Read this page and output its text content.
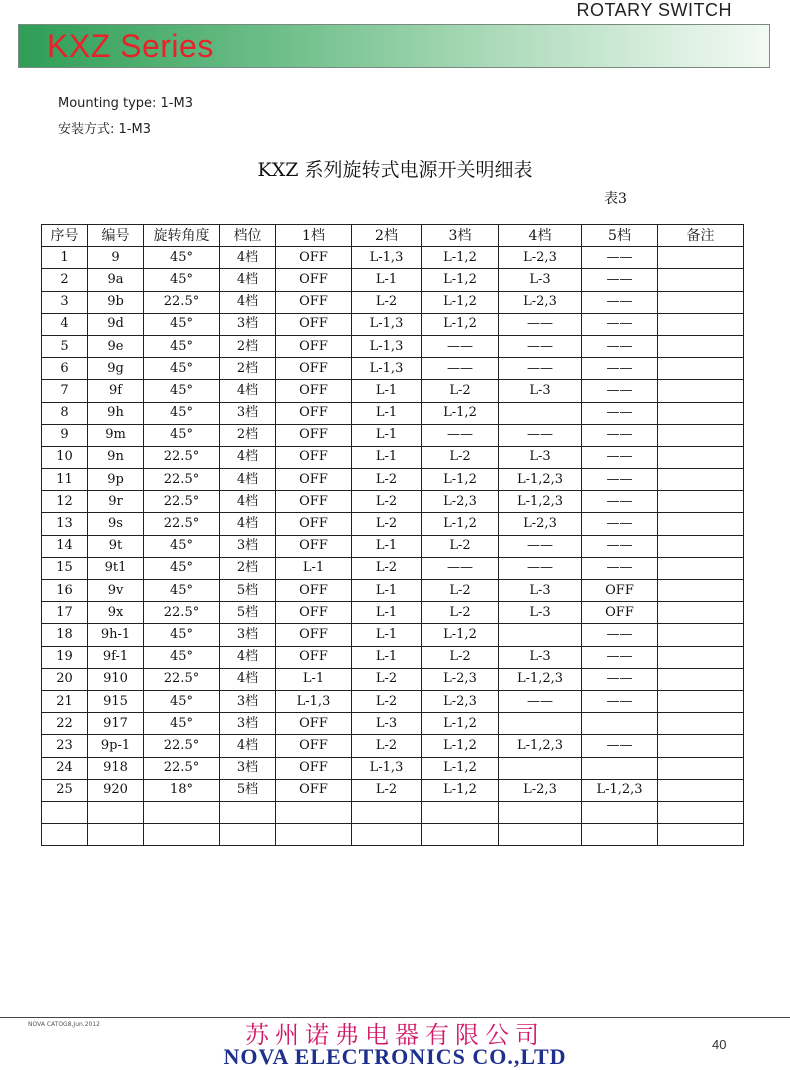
ROTARY SWITCH
KXZ Series
Mounting type: 1-M3
安装方式: 1-M3
KXZ 系列旋转式电源开关明细表
表3
序号	编号	旋转角度	档位	1档	2档	3档	4档	5档	备注
1	9	45°	4档	OFF	L-1,3	L-1,2	L-2,3	——	
2	9a	45°	4档	OFF	L-1	L-1,2	L-3	——	
3	9b	22.5°	4档	OFF	L-2	L-1,2	L-2,3	——	
4	9d	45°	3档	OFF	L-1,3	L-1,2	——	——	
5	9e	45°	2档	OFF	L-1,3	——	——	——	
6	9g	45°	2档	OFF	L-1,3	——	——	——	
7	9f	45°	4档	OFF	L-1	L-2	L-3	——	
8	9h	45°	3档	OFF	L-1	L-1,2		——	
9	9m	45°	2档	OFF	L-1	——	——	——	
10	9n	22.5°	4档	OFF	L-1	L-2	L-3	——	
11	9p	22.5°	4档	OFF	L-2	L-1,2	L-1,2,3	——	
12	9r	22.5°	4档	OFF	L-2	L-2,3	L-1,2,3	——	
13	9s	22.5°	4档	OFF	L-2	L-1,2	L-2,3	——	
14	9t	45°	3档	OFF	L-1	L-2	——	——	
15	9t1	45°	2档	L-1	L-2	——	——	——	
16	9v	45°	5档	OFF	L-1	L-2	L-3	OFF	
17	9x	22.5°	5档	OFF	L-1	L-2	L-3	OFF	
18	9h-1	45°	3档	OFF	L-1	L-1,2		——	
19	9f-1	45°	4档	OFF	L-1	L-2	L-3	——	
20	910	22.5°	4档	L-1	L-2	L-2,3	L-1,2,3	——	
21	915	45°	3档	L-1,3	L-2	L-2,3	——	——	
22	917	45°	3档	OFF	L-3	L-1,2			
23	9p-1	22.5°	4档	OFF	L-2	L-1,2	L-1,2,3	——	
24	918	22.5°	3档	OFF	L-1,3	L-1,2			
25	920	18°	5档	OFF	L-2	L-1,2	L-2,3	L-1,2,3	

NOVA CATOG8,Jun.2012	苏州诺弗电器有限公司
NOVA ELECTRONICS CO.,LTD	40
